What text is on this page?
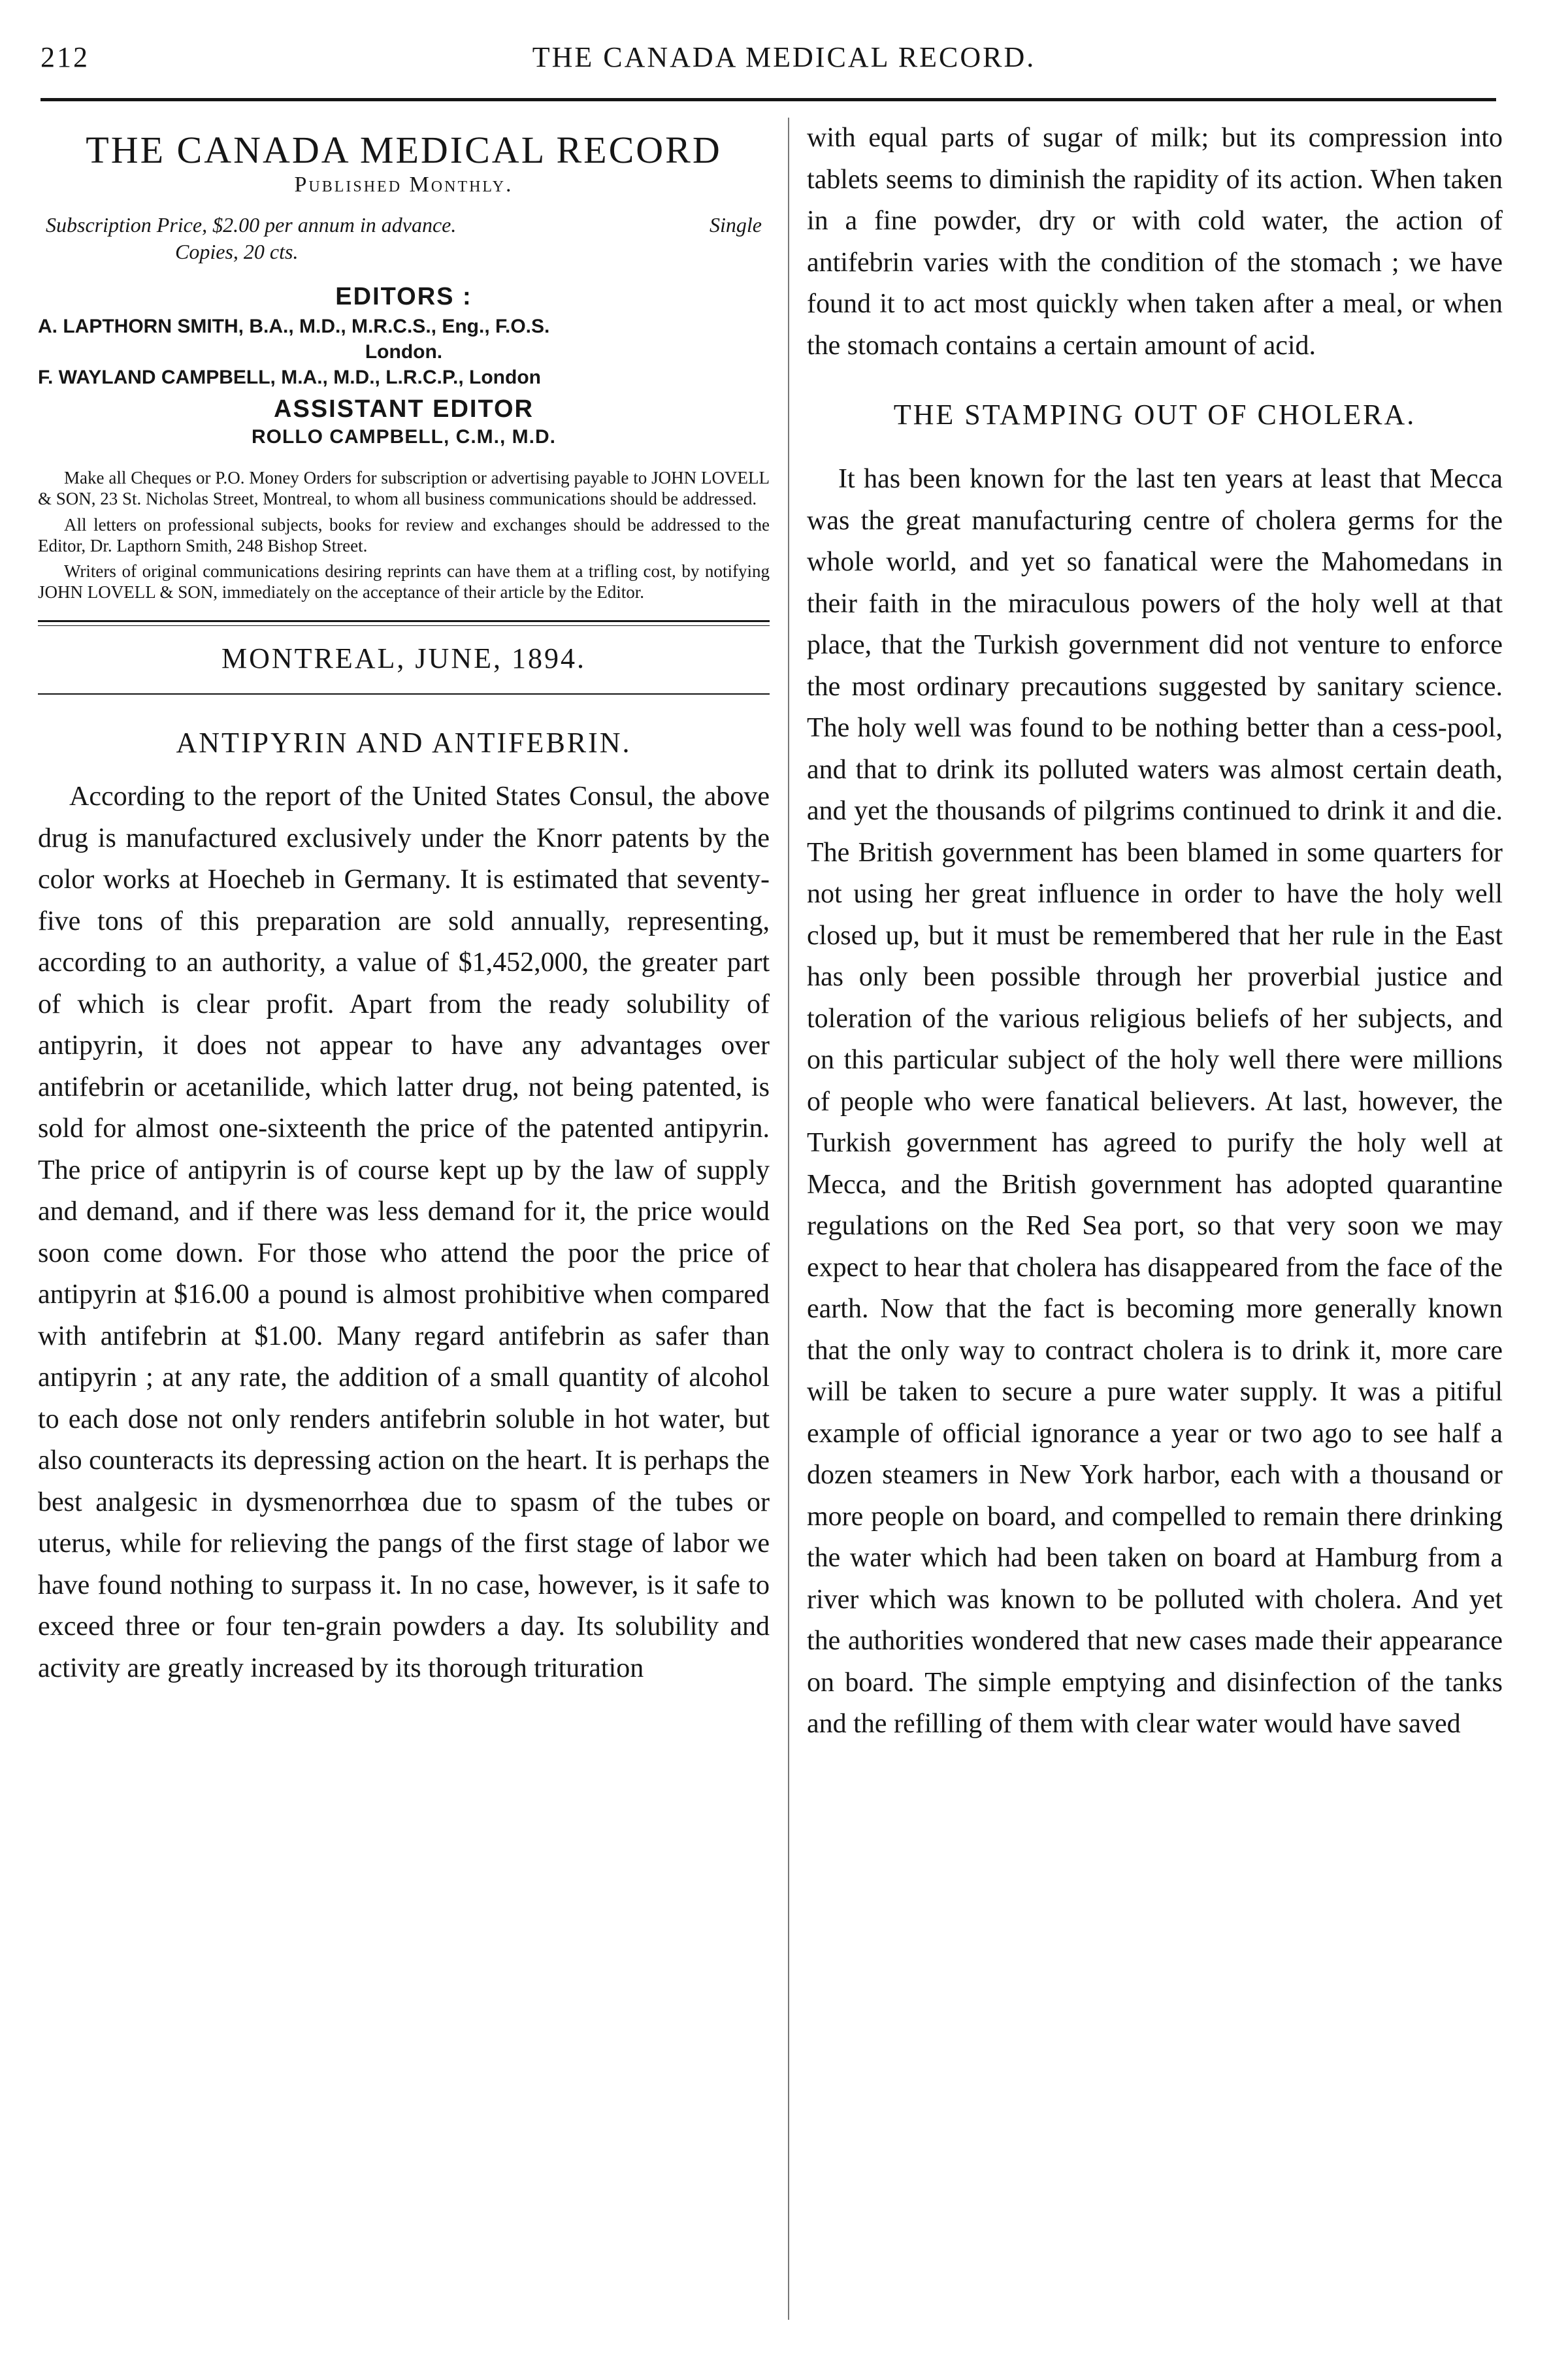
212	THE CANADA MEDICAL RECORD.
THE CANADA MEDICAL RECORD
Published Monthly.
Subscription Price, $2.00 per annum in advance.	Single
Copies, 20 cts.
EDITORS :
A. LAPTHORN SMITH, B.A., M.D., M.R.C.S., Eng., F.O.S.
London.
F. WAYLAND CAMPBELL, M.A., M.D., L.R.C.P., London
ASSISTANT EDITOR
ROLLO CAMPBELL, C.M., M.D.

Make all Cheques or P.O. Money Orders for subscription or advertising payable to JOHN LOVELL & SON, 23 St. Nicholas Street, Montreal, to whom all business communications should be addressed.

All letters on professional subjects, books for review and exchanges should be addressed to the Editor, Dr. Lapthorn Smith, 248 Bishop Street.

Writers of original communications desiring reprints can have them at a trifling cost, by notifying JOHN LOVELL & SON, immediately on the acceptance of their article by the Editor.

MONTREAL, JUNE, 1894.
ANTIPYRIN AND ANTIFEBRIN.

According to the report of the United States Consul, the above drug is manufactured exclusively under the Knorr patents by the color works at Hoecheb in Germany. It is estimated that seventy-five tons of this preparation are sold annually, representing, according to an authority, a value of $1,452,000, the greater part of which is clear profit. Apart from the ready solubility of antipyrin, it does not appear to have any advantages over antifebrin or acetanilide, which latter drug, not being patented, is sold for almost one-sixteenth the price of the patented antipyrin. The price of antipyrin is of course kept up by the law of supply and demand, and if there was less demand for it, the price would soon come down. For those who attend the poor the price of antipyrin at $16.00 a pound is almost prohibitive when compared with antifebrin at $1.00. Many regard antifebrin as safer than antipyrin ; at any rate, the addition of a small quantity of alcohol to each dose not only renders antifebrin soluble in hot water, but also counteracts its depressing action on the heart. It is perhaps the best analgesic in dysmenorrhœa due to spasm of the tubes or uterus, while for relieving the pangs of the first stage of labor we have found nothing to surpass it. In no case, however, is it safe to exceed three or four ten-grain powders a day. Its solubility and activity are greatly increased by its thorough trituration

with equal parts of sugar of milk; but its compression into tablets seems to diminish the rapidity of its action. When taken in a fine powder, dry or with cold water, the action of antifebrin varies with the condition of the stomach ; we have found it to act most quickly when taken after a meal, or when the stomach contains a certain amount of acid.

THE STAMPING OUT OF CHOLERA.

It has been known for the last ten years at least that Mecca was the great manufacturing centre of cholera germs for the whole world, and yet so fanatical were the Mahomedans in their faith in the miraculous powers of the holy well at that place, that the Turkish government did not venture to enforce the most ordinary precautions suggested by sanitary science. The holy well was found to be nothing better than a cess-pool, and that to drink its polluted waters was almost certain death, and yet the thousands of pilgrims continued to drink it and die. The British government has been blamed in some quarters for not using her great influence in order to have the holy well closed up, but it must be remembered that her rule in the East has only been possible through her proverbial justice and toleration of the various religious beliefs of her subjects, and on this particular subject of the holy well there were millions of people who were fanatical believers. At last, however, the Turkish government has agreed to purify the holy well at Mecca, and the British government has adopted quarantine regulations on the Red Sea port, so that very soon we may expect to hear that cholera has disappeared from the face of the earth. Now that the fact is becoming more generally known that the only way to contract cholera is to drink it, more care will be taken to secure a pure water supply. It was a pitiful example of official ignorance a year or two ago to see half a dozen steamers in New York harbor, each with a thousand or more people on board, and compelled to remain there drinking the water which had been taken on board at Hamburg from a river which was known to be polluted with cholera. And yet the authorities wondered that new cases made their appearance on board. The simple emptying and disinfection of the tanks and the refilling of them with clear water would have saved
